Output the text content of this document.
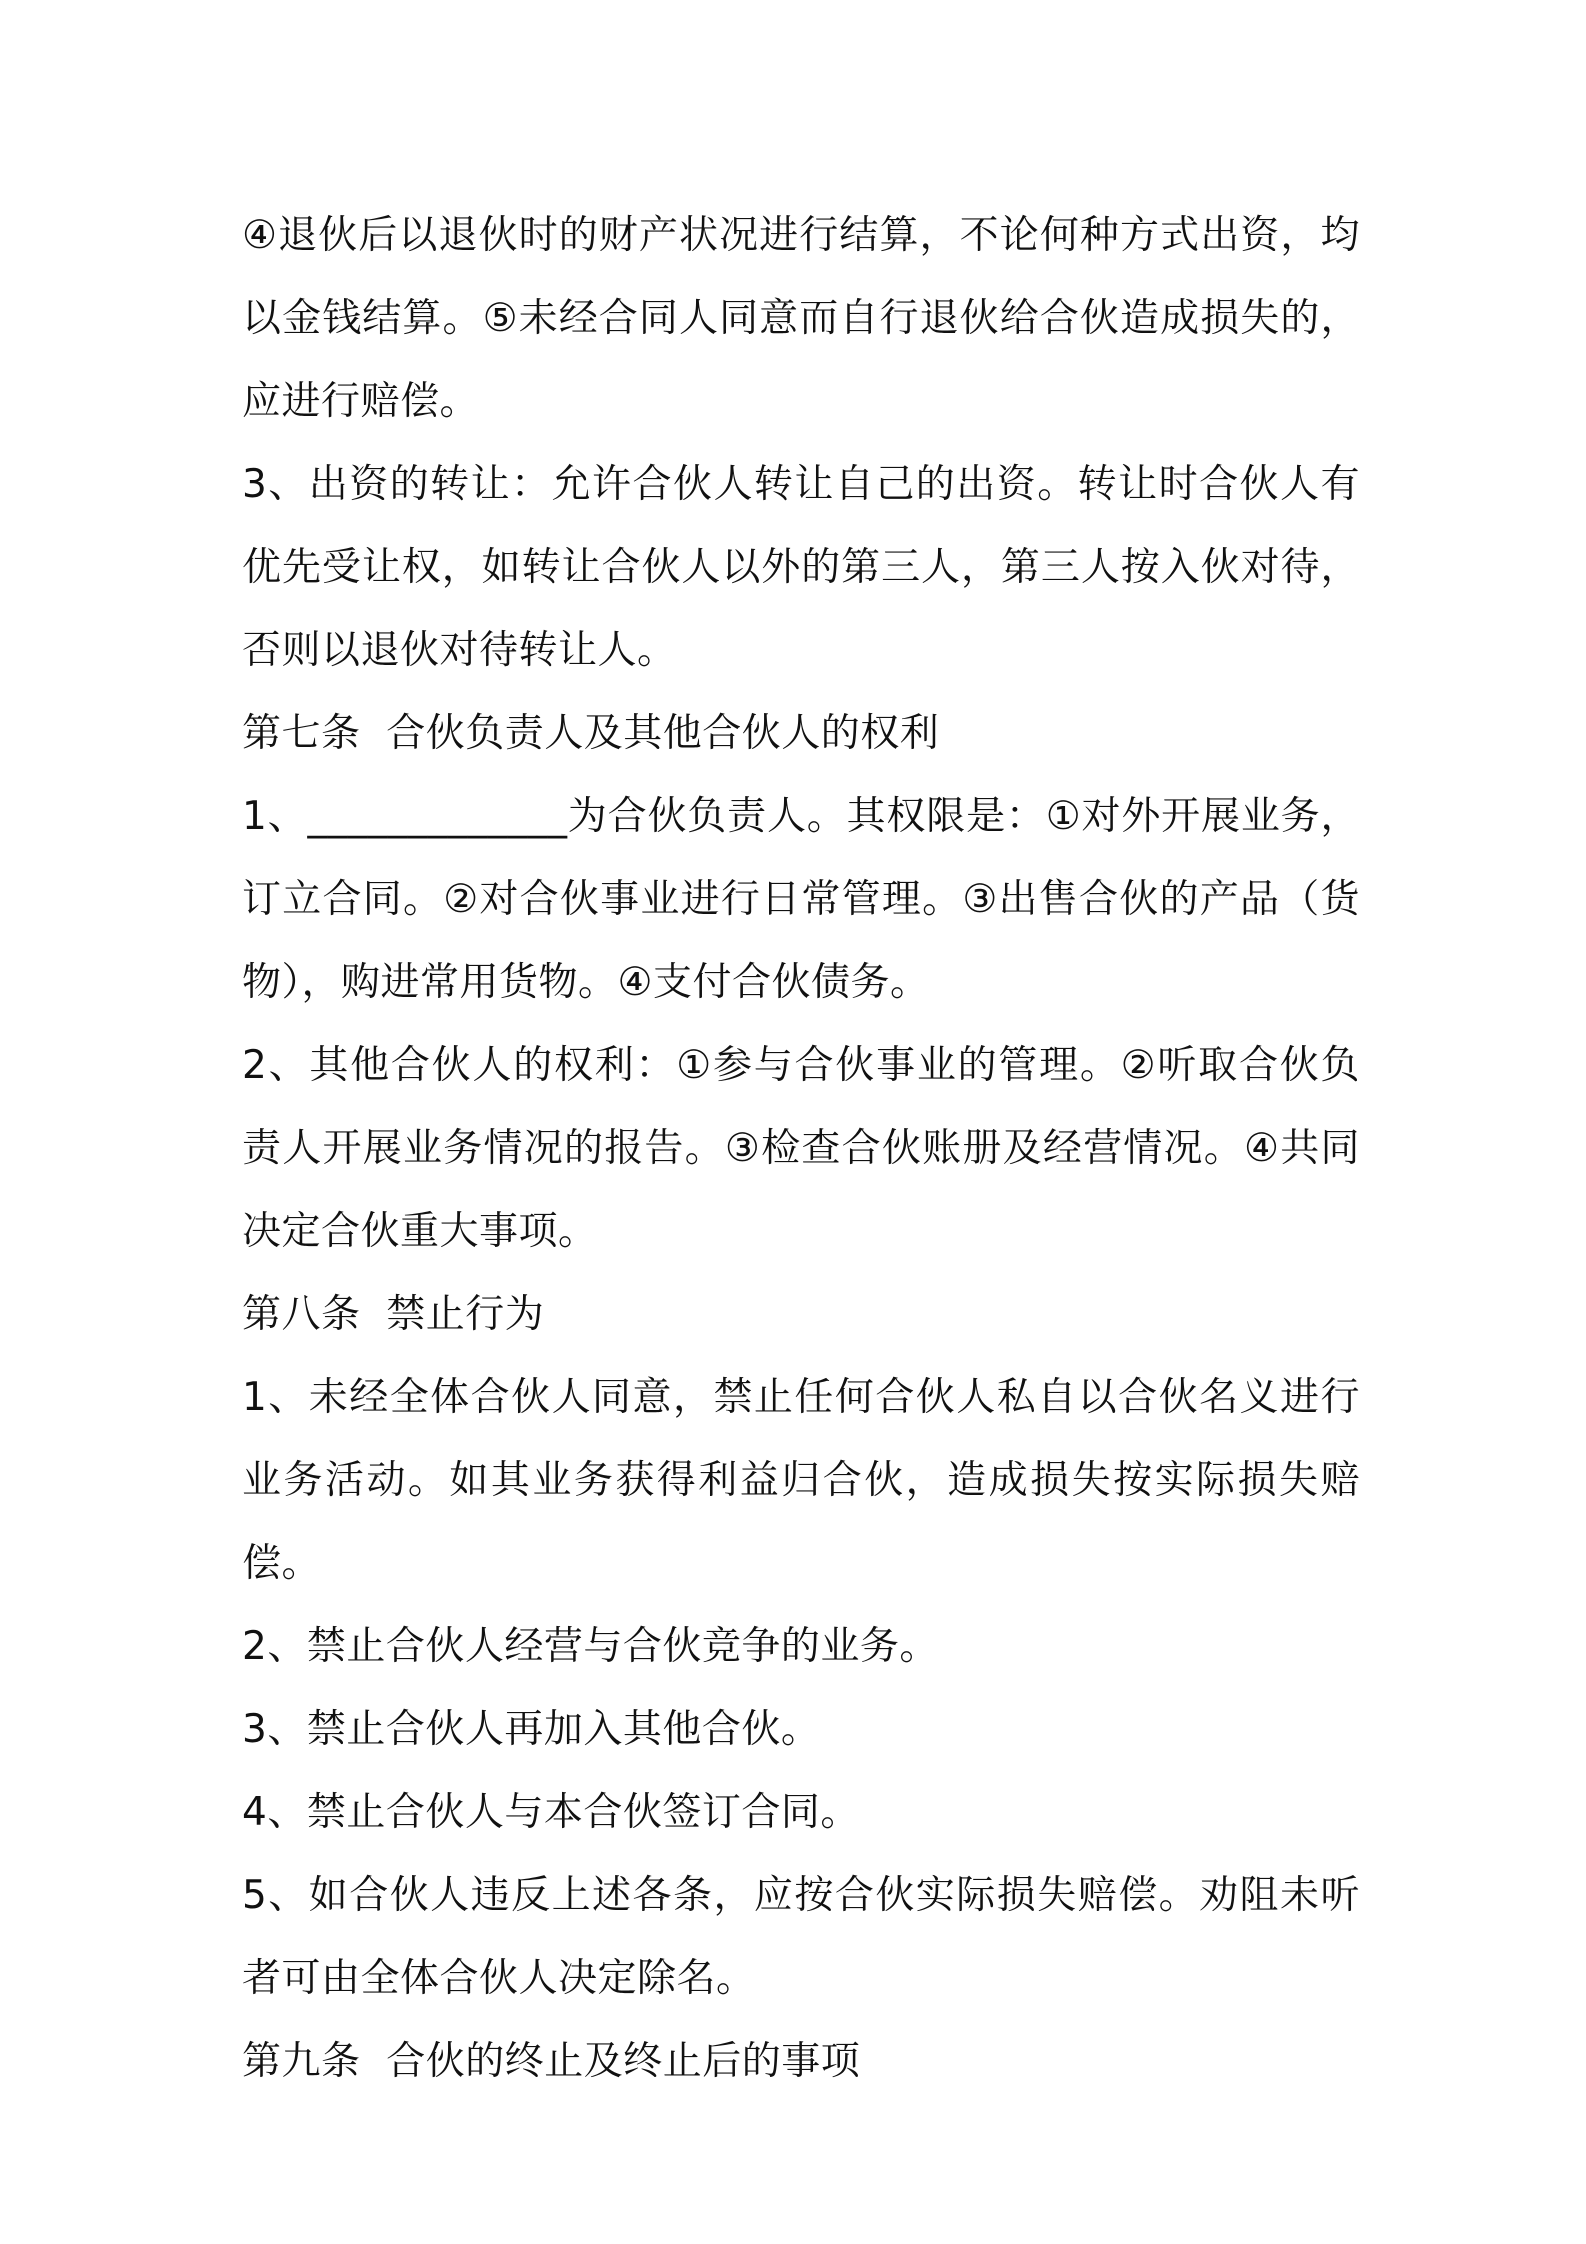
④退伙后以退伙时的财产状况进行结算，不论何种方式出资，均以金钱结算。⑤未经合同人同意而自行退伙给合伙造成损失的，应进行赔偿。

3、出资的转让：允许合伙人转让自己的出资。转让时合伙人有优先受让权，如转让合伙人以外的第三人，第三人按入伙对待，否则以退伙对待转让人。

第七条  合伙负责人及其他合伙人的权利

1、_____________为合伙负责人。其权限是：①对外开展业务，订立合同。②对合伙事业进行日常管理。③出售合伙的产品（货物），购进常用货物。④支付合伙债务。

2、其他合伙人的权利：①参与合伙事业的管理。②听取合伙负责人开展业务情况的报告。③检查合伙账册及经营情况。④共同决定合伙重大事项。

第八条  禁止行为

1、未经全体合伙人同意，禁止任何合伙人私自以合伙名义进行业务活动。如其业务获得利益归合伙，造成损失按实际损失赔偿。

2、禁止合伙人经营与合伙竞争的业务。

3、禁止合伙人再加入其他合伙。

4、禁止合伙人与本合伙签订合同。

5、如合伙人违反上述各条，应按合伙实际损失赔偿。劝阻未听者可由全体合伙人决定除名。

第九条  合伙的终止及终止后的事项
